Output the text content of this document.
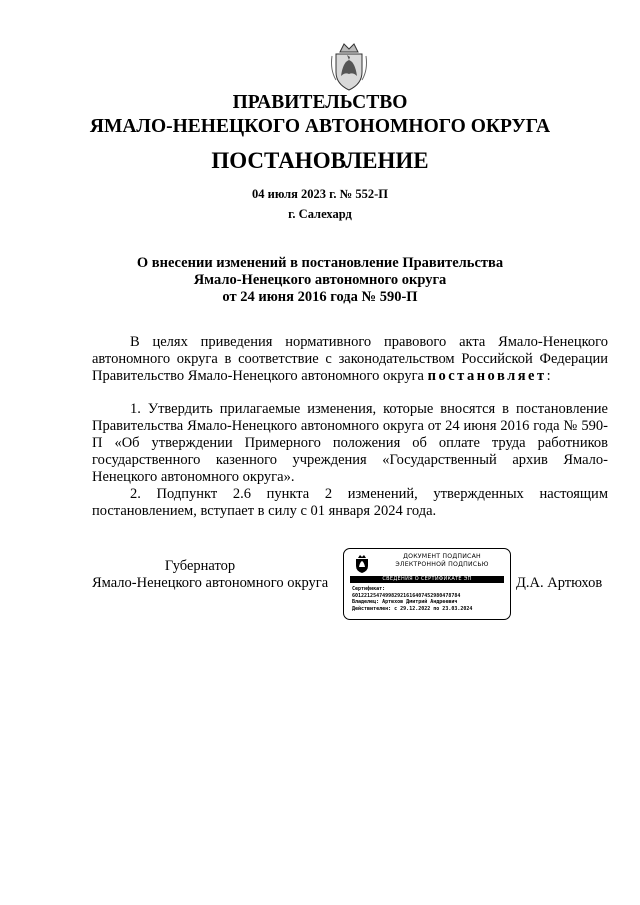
ПРАВИТЕЛЬСТВО
ЯМАЛО-НЕНЕЦКОГО АВТОНОМНОГО ОКРУГА
ПОСТАНОВЛЕНИЕ
04 июля 2023 г. № 552-П
г. Салехард
О внесении изменений в постановление Правительства
Ямало-Ненецкого автономного округа
от 24 июня 2016 года № 590-П

В целях приведения нормативного правового акта Ямало-Ненецкого автономного округа в соответствие с законодательством Российской Федерации Правительство Ямало-Ненецкого автономного округа постановляет:

1. Утвердить прилагаемые изменения, которые вносятся в постановление Правительства Ямало-Ненецкого автономного округа от 24 июня 2016 года № 590-П «Об утверждении Примерного положения об оплате труда работников государственного казенного учреждения «Государственный архив Ямало-Ненецкого автономного округа».

2. Подпункт 2.6 пункта 2 изменений, утвержденных настоящим постановлением, вступает в силу с 01 января 2024 года.

Губернатор
Ямало-Ненецкого автономного округа
ДОКУМЕНТ ПОДПИСАН
ЭЛЕКТРОННОЙ ПОДПИСЬЮ
СВЕДЕНИЯ О СЕРТИФИКАТЕ ЭП
Сертификат:
601221254749982921616407452980478784
Владелец: Артюхов Дмитрий Андреевич
Действителен: с 29.12.2022 по 23.03.2024
Д.А. Артюхов
